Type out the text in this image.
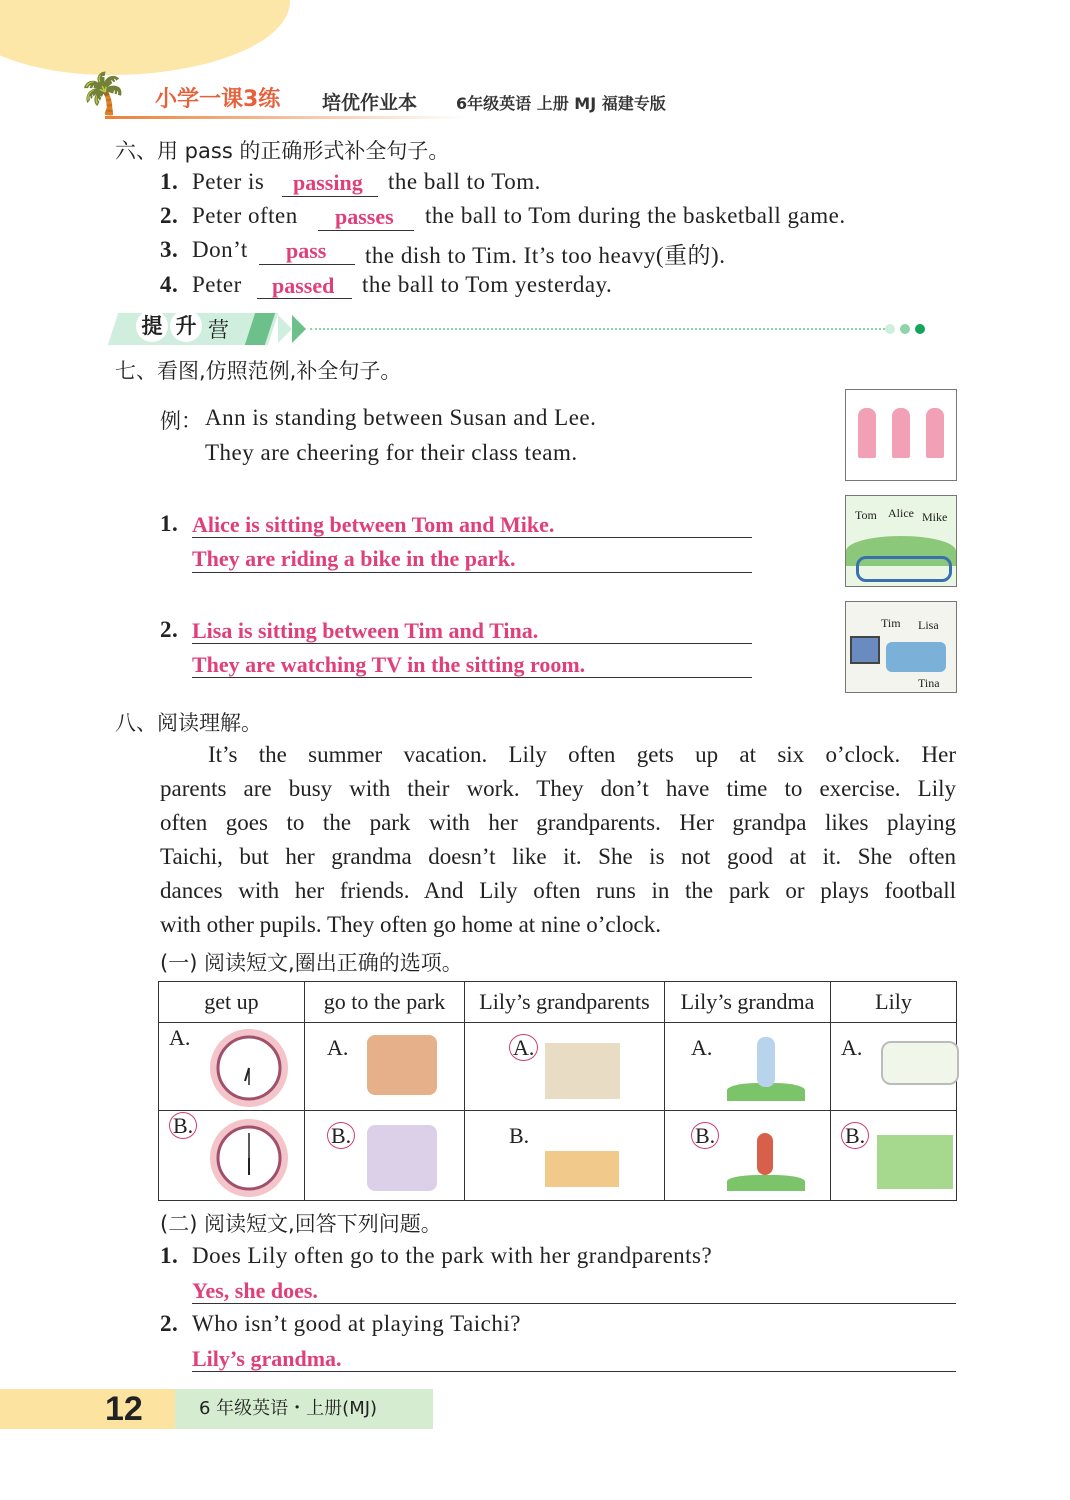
🌴 小学一课3练 培优作业本 6年级英语 上册 MJ 福建专版
六、用 pass 的正确形式补全句子。
1. Peter is passing the ball to Tom.
2. Peter often passes the ball to Tom during the basketball game.
3. Don’t pass the dish to Tim. It’s too heavy(重的).
4. Peter passed the ball to Tom yesterday.
提 升 营
七、看图,仿照范例,补全句子。
例： Ann is standing between Susan and Lee.
They are cheering for their class team.
1. Alice is sitting between Tom and Mike.
They are riding a bike in the park.
2. Lisa is sitting between Tim and Tina.
They are watching TV in the sitting room.
Tom Alice Mike
Tim Lisa
Tina
八、阅读理解。
It’s the summer vacation. Lily often gets up at six o’clock. Her
parents are busy with their work. They don’t have time to exercise. Lily
often goes to the park with her grandparents. Her grandpa likes playing
Taichi, but her grandma doesn’t like it. She is not good at it. She often
dances with her friends. And Lily often runs in the park or plays football
with other pupils. They often go home at nine o’clock.
(一) 阅读短文,圈出正确的选项。
get up	go to the park	Lily’s grandparents	Lily’s grandma	Lily

A.	A.	A.	A.	A.

B.	B.	B.	B.	B.
(二) 阅读短文,回答下列问题。
1. Does Lily often go to the park with her grandparents?
Yes, she does.
2. Who isn’t good at playing Taichi?
Lily’s grandma.
12	6 年级英语・上册(MJ)
